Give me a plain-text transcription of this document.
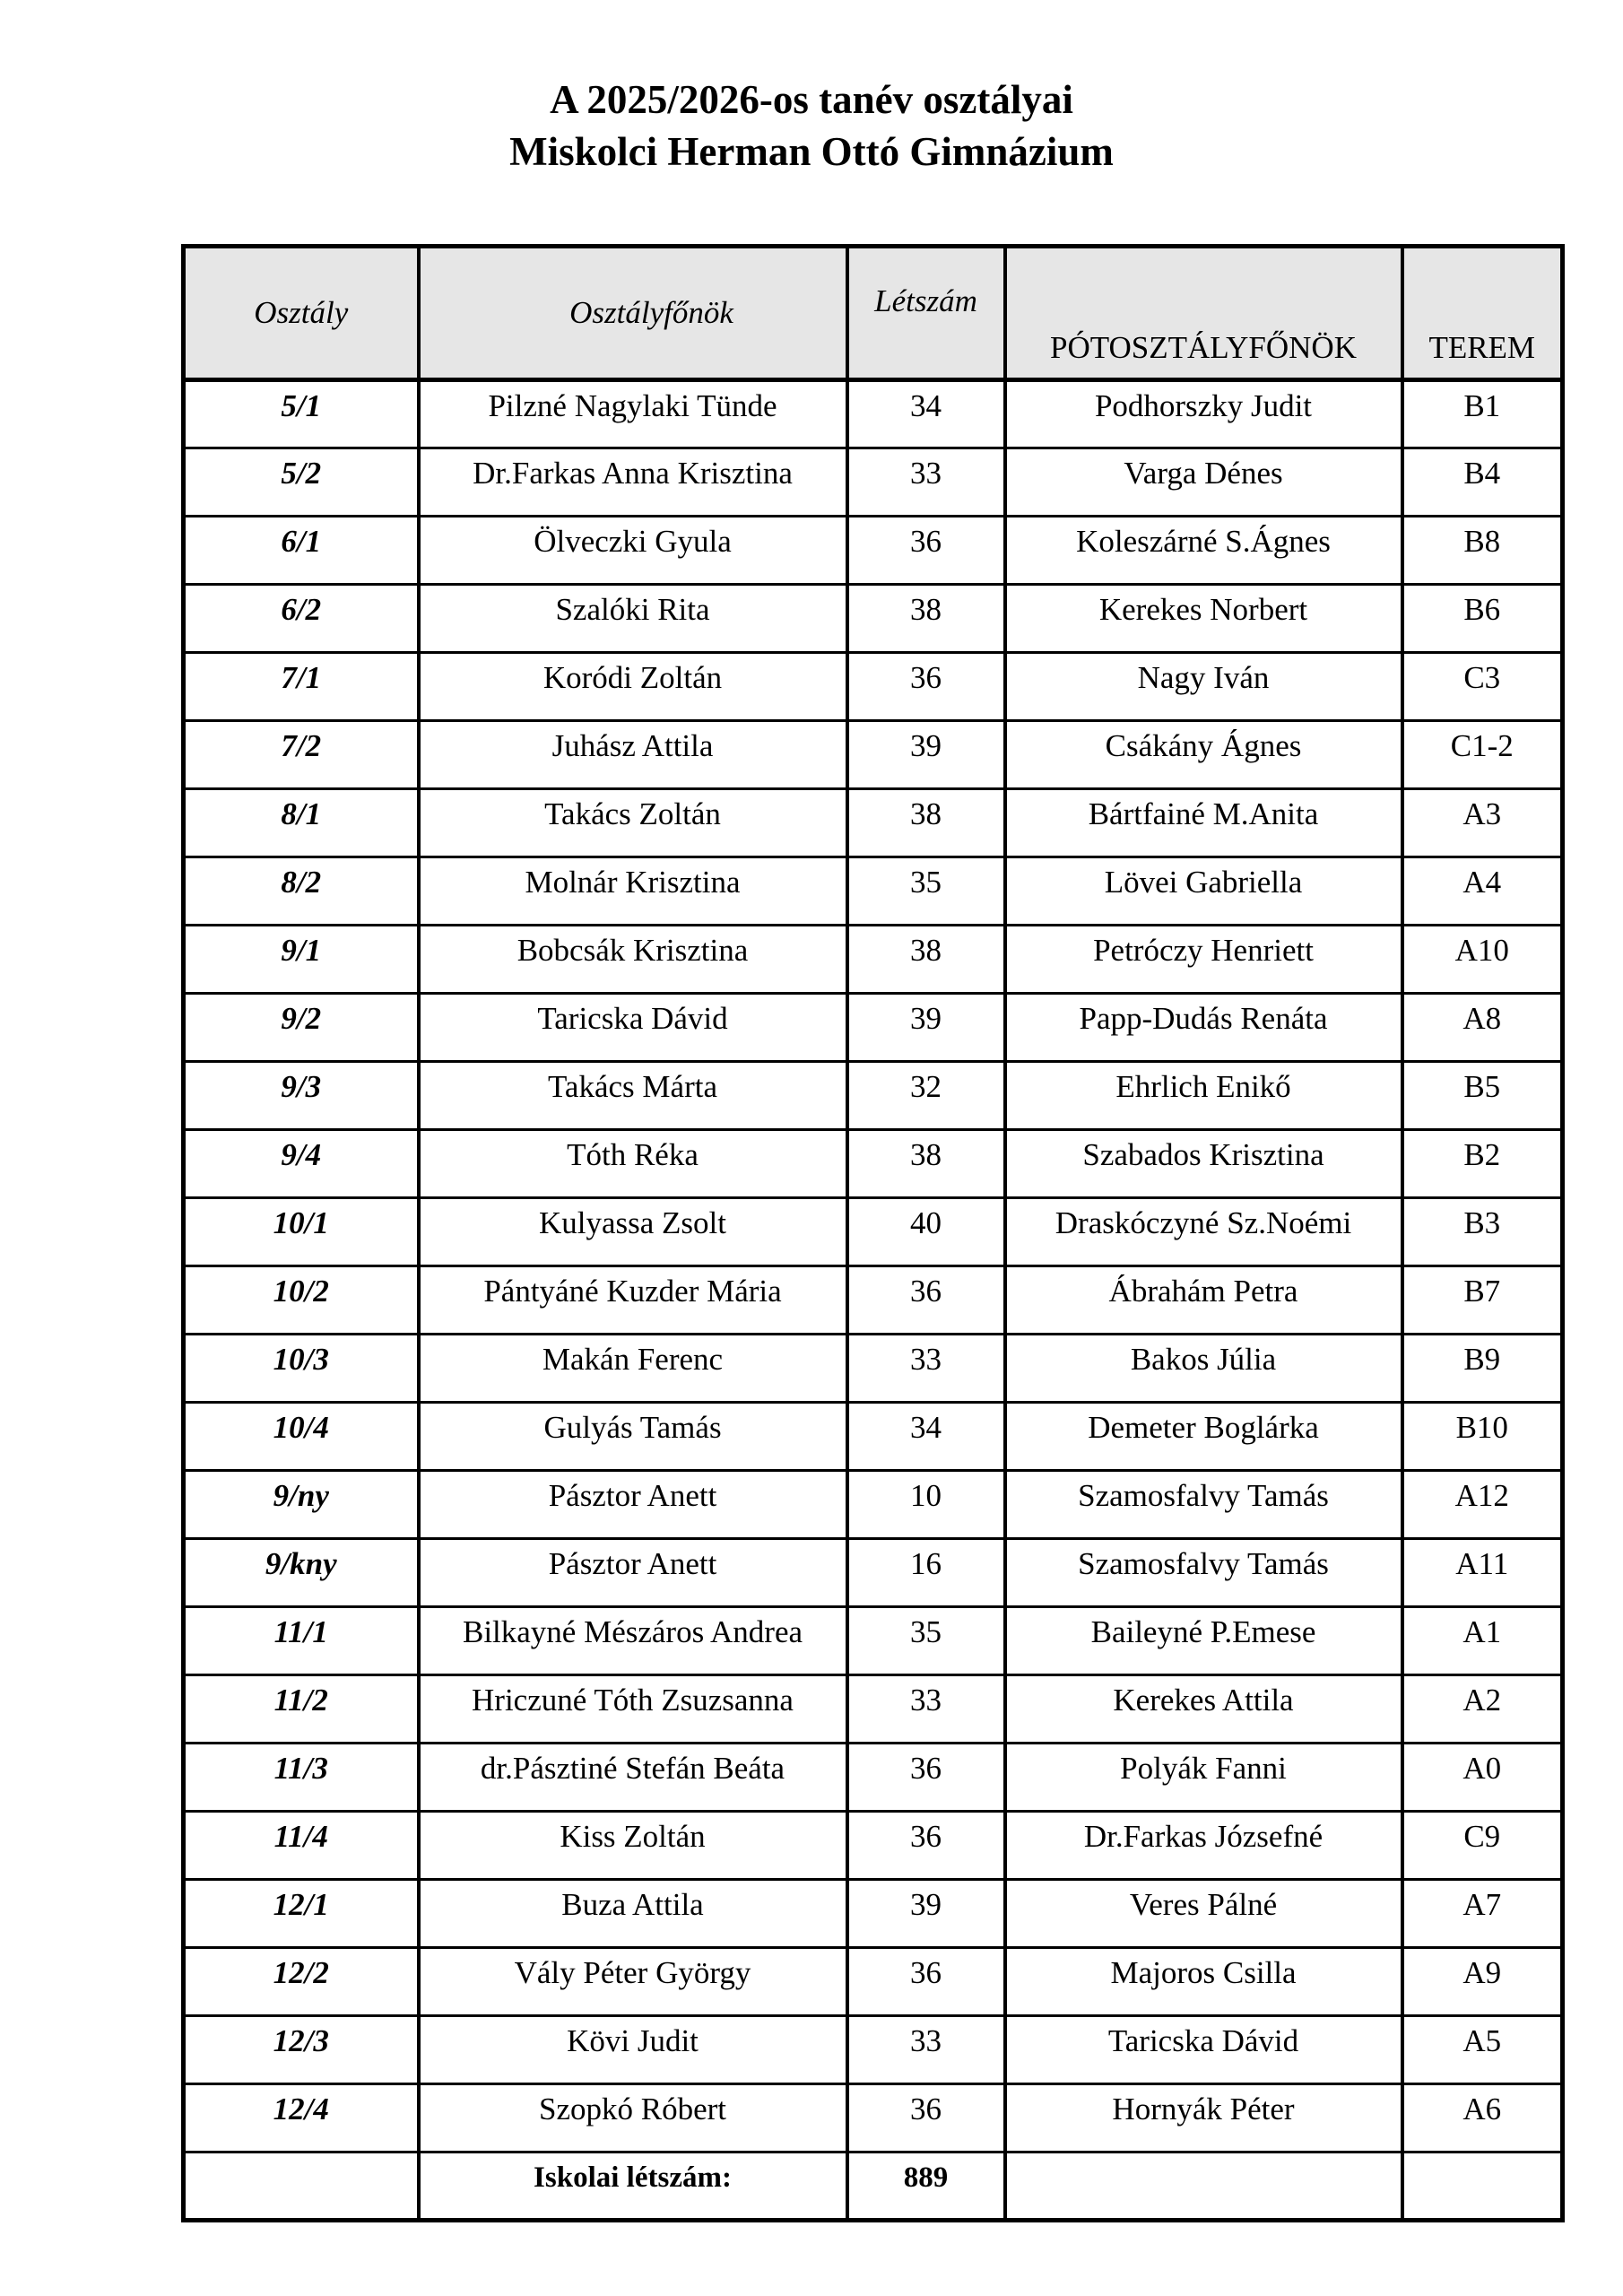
A 2025/2026-os tanév osztályai
Miskolci Herman Ottó Gimnázium
Osztály	Osztályfőnök	Létszám	PÓTOSZTÁLYFŐNÖK	TEREM
5/1	Pilzné Nagylaki Tünde	34	Podhorszky Judit	B1
5/2	Dr.Farkas Anna Krisztina	33	Varga Dénes	B4
6/1	Ölveczki Gyula	36	Koleszárné S.Ágnes	B8
6/2	Szalóki Rita	38	Kerekes Norbert	B6
7/1	Koródi Zoltán	36	Nagy Iván	C3
7/2	Juhász Attila	39	Csákány Ágnes	C1-2
8/1	Takács Zoltán	38	Bártfainé M.Anita	A3
8/2	Molnár Krisztina	35	Lövei Gabriella	A4
9/1	Bobcsák Krisztina	38	Petróczy Henriett	A10
9/2	Taricska Dávid	39	Papp-Dudás Renáta	A8
9/3	Takács Márta	32	Ehrlich Enikő	B5
9/4	Tóth Réka	38	Szabados Krisztina	B2
10/1	Kulyassa Zsolt	40	Draskóczyné Sz.Noémi	B3
10/2	Pántyáné Kuzder Mária	36	Ábrahám Petra	B7
10/3	Makán Ferenc	33	Bakos Júlia	B9
10/4	Gulyás Tamás	34	Demeter Boglárka	B10
9/ny	Pásztor Anett	10	Szamosfalvy Tamás	A12
9/kny	Pásztor Anett	16	Szamosfalvy Tamás	A11
11/1	Bilkayné Mészáros Andrea	35	Baileyné P.Emese	A1
11/2	Hriczuné Tóth Zsuzsanna	33	Kerekes Attila	A2
11/3	dr.Pásztiné Stefán Beáta	36	Polyák Fanni	A0
11/4	Kiss Zoltán	36	Dr.Farkas Józsefné	C9
12/1	Buza Attila	39	Veres Pálné	A7
12/2	Vály Péter György	36	Majoros Csilla	A9
12/3	Kövi Judit	33	Taricska Dávid	A5
12/4	Szopkó Róbert	36	Hornyák Péter	A6
	Iskolai létszám:	889		
